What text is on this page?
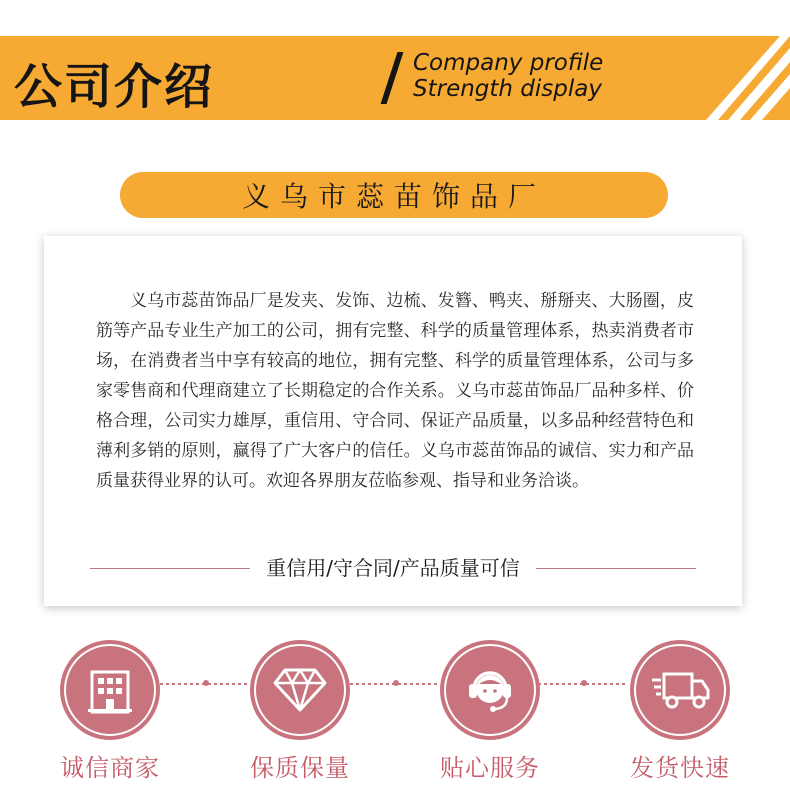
公司介绍	Company profile
Strength display
义乌市蕊苗饰品厂

义乌市蕊苗饰品厂是发夹、发饰、边梳、发簪、鸭夹、掰掰夹、大肠圈，皮筋等产品专业生产加工的公司，拥有完整、科学的质量管理体系，热卖消费者市场，在消费者当中享有较高的地位，拥有完整、科学的质量管理体系，公司与多家零售商和代理商建立了长期稳定的合作关系。义乌市蕊苗饰品厂品种多样、价格合理，公司实力雄厚，重信用、守合同、保证产品质量，以多品种经营特色和薄利多销的原则，赢得了广大客户的信任。义乌市蕊苗饰品的诚信、实力和产品质量获得业界的认可。欢迎各界朋友莅临参观、指导和业务洽谈。

重信用/守合同/产品质量可信
诚信商家	保质保量	贴心服务	发货快速
